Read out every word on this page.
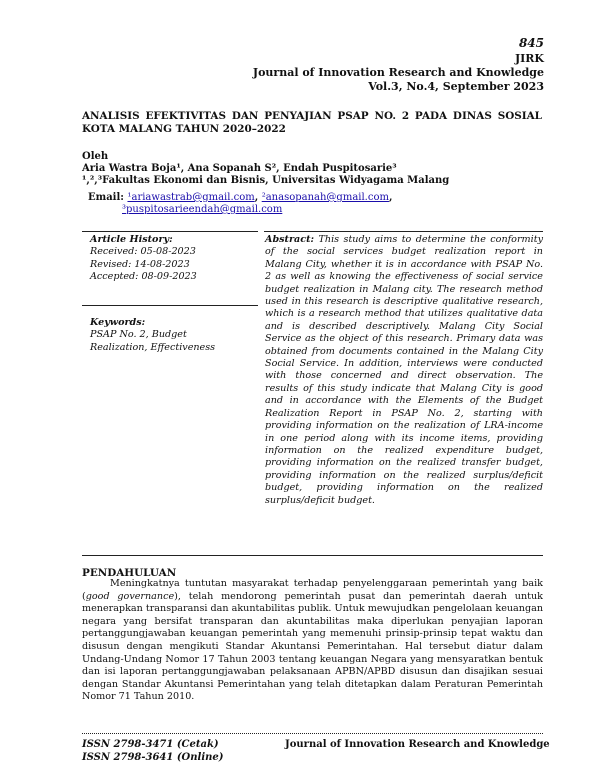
845
JIRK
Journal of Innovation Research and Knowledge
Vol.3, No.4, September 2023
ANALISIS EFEKTIVITAS DAN PENYAJIAN PSAP NO. 2 PADA DINAS SOSIAL KOTA MALANG TAHUN 2020–2022
Oleh
Aria Wastra Boja¹, Ana Sopanah S², Endah Puspitosarie³
¹,²,³Fakultas Ekonomi dan Bisnis, Universitas Widyagama Malang
Email: ¹ariawastrab@gmail.com, ²anasopanah@gmail.com,
³puspitosarieendah@gmail.com
Article History:
Received: 05-08-2023
Revised: 14-08-2023
Accepted: 08-09-2023
Keywords:
PSAP No. 2, Budget
Realization, Effectiveness
Abstract: This study aims to determine the conformity of the social services budget realization report in Malang City, whether it is in accordance with PSAP No. 2 as well as knowing the effectiveness of social service budget realization in Malang city. The research method used in this research is descriptive qualitative research, which is a research method that utilizes qualitative data and is described descriptively. Malang City Social Service as the object of this research. Primary data was obtained from documents contained in the Malang City Social Service. In addition, interviews were conducted with those concerned and direct observation. The results of this study indicate that Malang City is good and in accordance with the Elements of the Budget Realization Report in PSAP No. 2, starting with providing information on the realization of LRA-income in one period along with its income items, providing information on the realized expenditure budget, providing information on the realized transfer budget, providing information on the realized surplus/deficit budget, providing information on the realized surplus/deficit budget.
PENDAHULUAN
Meningkatnya tuntutan masyarakat terhadap penyelenggaraan pemerintah yang baik (good governance), telah mendorong pemerintah pusat dan pemerintah daerah untuk menerapkan transparansi dan akuntabilitas publik. Untuk mewujudkan pengelolaan keuangan negara yang bersifat transparan dan akuntabilitas maka diperlukan penyajian laporan pertanggungjawaban keuangan pemerintah yang memenuhi prinsip-prinsip tepat waktu dan disusun dengan mengikuti Standar Akuntansi Pemerintahan. Hal tersebut diatur dalam Undang-Undang Nomor 17 Tahun 2003 tentang keuangan Negara yang mensyaratkan bentuk dan isi laporan pertanggungjawaban pelaksanaan APBN/APBD disusun dan disajikan sesuai dengan Standar Akuntansi Pemerintahan yang telah ditetapkan dalam Peraturan Pemerintah Nomor 71 Tahun 2010.
ISSN 2798-3471 (Cetak)
ISSN 2798-3641 (Online)
Journal of Innovation Research and Knowledge
